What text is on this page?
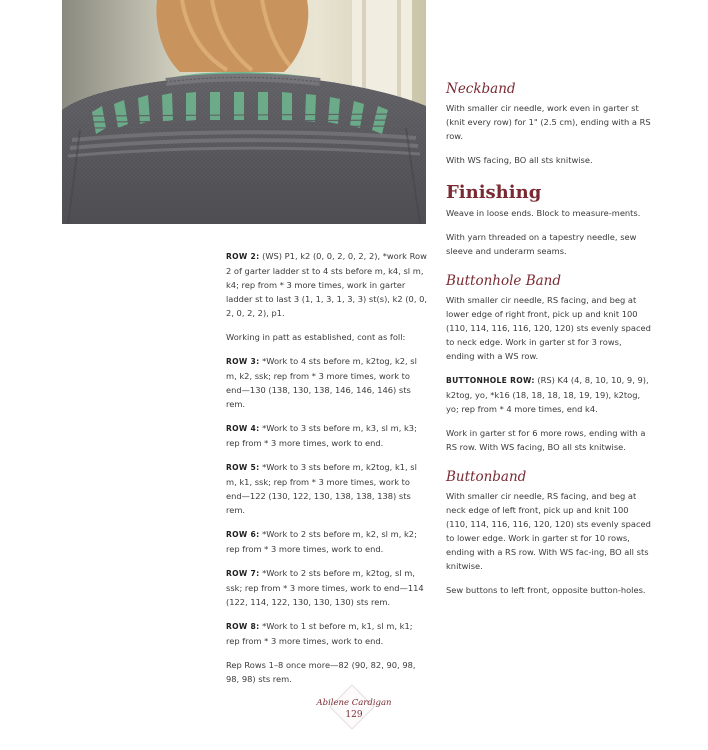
ROW 2: (WS) P1, k2 (0, 0, 2, 0, 2, 2), *work Row 2 of garter ladder st to 4 sts before m, k4, sl m, k4; rep from * 3 more times, work in garter ladder st to last 3 (1, 1, 3, 1, 3, 3) st(s), k2 (0, 0, 2, 0, 2, 2), p1.

Working in patt as established, cont as foll:

ROW 3: *Work to 4 sts before m, k2tog, k2, sl m, k2, ssk; rep from * 3 more times, work to end—130 (138, 130, 138, 146, 146, 146) sts rem.

ROW 4: *Work to 3 sts before m, k3, sl m, k3; rep from * 3 more times, work to end.

ROW 5: *Work to 3 sts before m, k2tog, k1, sl m, k1, ssk; rep from * 3 more times, work to end—122 (130, 122, 130, 138, 138, 138) sts rem.

ROW 6: *Work to 2 sts before m, k2, sl m, k2; rep from * 3 more times, work to end.

ROW 7: *Work to 2 sts before m, k2tog, sl m, ssk; rep from * 3 more times, work to end—114 (122, 114, 122, 130, 130, 130) sts rem.

ROW 8: *Work to 1 st before m, k1, sl m, k1; rep from * 3 more times, work to end.

Rep Rows 1–8 once more—82 (90, 82, 90, 98, 98, 98) sts rem.

Neckband

With smaller cir needle, work even in garter st (knit every row) for 1" (2.5 cm), ending with a RS row.

With WS facing, BO all sts knitwise.

Finishing

Weave in loose ends. Block to measure-ments.

With yarn threaded on a tapestry needle, sew sleeve and underarm seams.

Buttonhole Band

With smaller cir needle, RS facing, and beg at lower edge of right front, pick up and knit 100 (110, 114, 116, 116, 120, 120) sts evenly spaced to neck edge. Work in garter st for 3 rows, ending with a WS row.

BUTTONHOLE ROW: (RS) K4 (4, 8, 10, 10, 9, 9), k2tog, yo, *k16 (18, 18, 18, 18, 19, 19), k2tog, yo; rep from * 4 more times, end k4.

Work in garter st for 6 more rows, ending with a RS row. With WS facing, BO all sts knitwise.

Buttonband

With smaller cir needle, RS facing, and beg at neck edge of left front, pick up and knit 100 (110, 114, 116, 116, 120, 120) sts evenly spaced to lower edge. Work in garter st for 10 rows, ending with a RS row. With WS fac-ing, BO all sts knitwise.

Sew buttons to left front, opposite button-holes.

Abilene Cardigan
129
